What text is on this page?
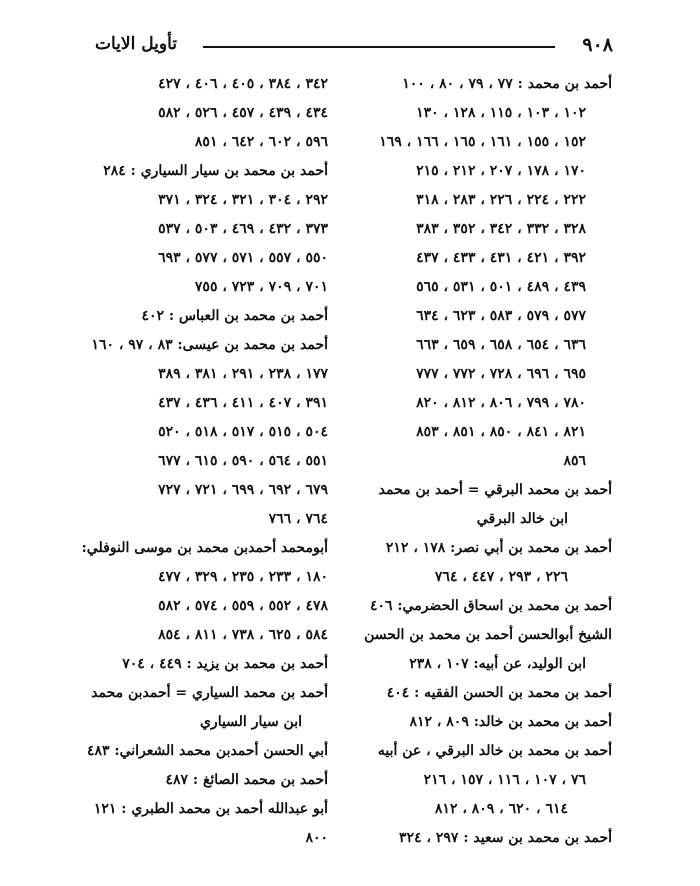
٩٠٨
تأويل الايات
أحمد بن محمد : ٧٧ ، ٧٩ ، ٨٠ ، ١٠٠
١٠٢ ، ١٠٣ ، ١١٥ ، ١٢٨ ، ١٣٠
١٥٢ ، ١٥٥ ، ١٦١ ، ١٦٥ ، ١٦٦ ، ١٦٩
١٧٠ ، ١٧٨ ، ٢٠٧ ، ٢١٢ ، ٢١٥
٢٢٢ ، ٢٢٤ ، ٢٢٦ ، ٢٨٣ ، ٣١٨
٣٢٨ ، ٣٣٢ ، ٣٤٢ ، ٣٥٢ ، ٣٨٣
٣٩٢ ، ٤٢١ ، ٤٣١ ، ٤٣٣ ، ٤٣٧
٤٣٩ ، ٤٨٩ ، ٥٠١ ، ٥٣١ ، ٥٦٥
٥٧٧ ، ٥٧٩ ، ٥٨٣ ، ٦٢٣ ، ٦٣٤
٦٣٦ ، ٦٥٤ ، ٦٥٨ ، ٦٥٩ ، ٦٦٣
٦٩٥ ، ٦٩٦ ، ٧٢٨ ، ٧٧٢ ، ٧٧٧
٧٨٠ ، ٧٩٩ ، ٨٠٦ ، ٨١٢ ، ٨٢٠
٨٢١ ، ٨٤١ ، ٨٥٠ ، ٨٥١ ، ٨٥٣
٨٥٦
أحمد بن محمد البرقي = أحمد بن محمد
ابن خالد البرقي
أحمد بن محمد بن أبي نصر: ١٧٨ ، ٢١٢
٢٢٦ ، ٢٩٣ ، ٤٤٧ ، ٧٦٤
أحمد بن محمد بن اسحاق الحضرمي: ٤٠٦
الشيخ أبوالحسن أحمد بن محمد بن الحسن
ابن الوليد، عن أبيه: ١٠٧ ، ٢٣٨
أحمد بن محمد بن الحسن الفقيه : ٤٠٤
أحمد بن محمد بن خالد: ٨٠٩ ، ٨١٢
أحمد بن محمد بن خالد البرقي ، عن أبيه
٧٦ ، ١٠٧ ، ١١٦ ، ١٥٧ ، ٢١٦
٦١٤ ، ٦٢٠ ، ٨٠٩ ، ٨١٢
أحمد بن محمد بن سعيد : ٢٩٧ ، ٣٢٤
٣٤٢ ، ٣٨٤ ، ٤٠٥ ، ٤٠٦ ، ٤٢٧
٤٣٤ ، ٤٣٩ ، ٤٥٧ ، ٥٢٦ ، ٥٨٢
٥٩٦ ، ٦٠٢ ، ٦٤٢ ، ٨٥١
أحمد بن محمد بن سيار السياري : ٢٨٤
٢٩٢ ، ٣٠٤ ، ٣٢١ ، ٣٢٤ ، ٣٧١
٣٧٣ ، ٤٣٢ ، ٤٦٩ ، ٥٠٣ ، ٥٣٧
٥٥٠ ، ٥٥٧ ، ٥٧١ ، ٥٧٧ ، ٦٩٣
٧٠١ ، ٧٠٩ ، ٧٢٣ ، ٧٥٥
أحمد بن محمد بن العباس : ٤٠٢
أحمد بن محمد بن عيسى: ٨٣ ، ٩٧ ، ١٦٠
١٧٧ ، ٢٣٨ ، ٢٩١ ، ٣٨١ ، ٣٨٩
٣٩١ ، ٤٠٧ ، ٤١١ ، ٤٣٦ ، ٤٣٧
٥٠٤ ، ٥١٥ ، ٥١٧ ، ٥١٨ ، ٥٢٠
٥٥١ ، ٥٦٤ ، ٥٩٠ ، ٦١٥ ، ٦٧٧
٦٧٩ ، ٦٩٢ ، ٦٩٩ ، ٧٢١ ، ٧٢٧
٧٦٤ ، ٧٦٦
أبومحمد أحمدبن محمد بن موسى النوفلي:
١٨٠ ، ٢٣٣ ، ٢٣٥ ، ٣٢٩ ، ٤٧٧
٤٧٨ ، ٥٥٢ ، ٥٥٩ ، ٥٧٤ ، ٥٨٢
٥٨٤ ، ٦٢٥ ، ٧٣٨ ، ٨١١ ، ٨٥٤
أحمد بن محمد بن يزيد : ٤٤٩ ، ٧٠٤
أحمد بن محمد السياري = أحمدبن محمد
ابن سيار السياري
أبي الحسن أحمدبن محمد الشعراني: ٤٨٣
أحمد بن محمد الصائغ : ٤٨٧
أبو عبدالله أحمد بن محمد الطبري : ١٢١
٨٠٠
